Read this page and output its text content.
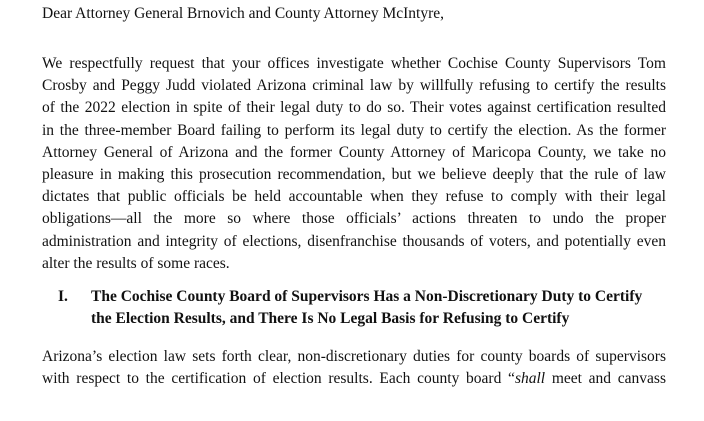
Dear Attorney General Brnovich and County Attorney McIntyre,
We respectfully request that your offices investigate whether Cochise County Supervisors Tom
Crosby and Peggy Judd violated Arizona criminal law by willfully refusing to certify the results
of the 2022 election in spite of their legal duty to do so. Their votes against certification resulted
in the three-member Board failing to perform its legal duty to certify the election. As the former
Attorney General of Arizona and the former County Attorney of Maricopa County, we take no
pleasure in making this prosecution recommendation, but we believe deeply that the rule of law
dictates that public officials be held accountable when they refuse to comply with their legal
obligations—all the more so where those officials’ actions threaten to undo the proper
administration and integrity of elections, disenfranchise thousands of voters, and potentially even
alter the results of some races.
I. The Cochise County Board of Supervisors Has a Non-Discretionary Duty to Certify
the Election Results, and There Is No Legal Basis for Refusing to Certify
Arizona’s election law sets forth clear, non-discretionary duties for county boards of supervisors
with respect to the certification of election results. Each county board “shall meet and canvass
